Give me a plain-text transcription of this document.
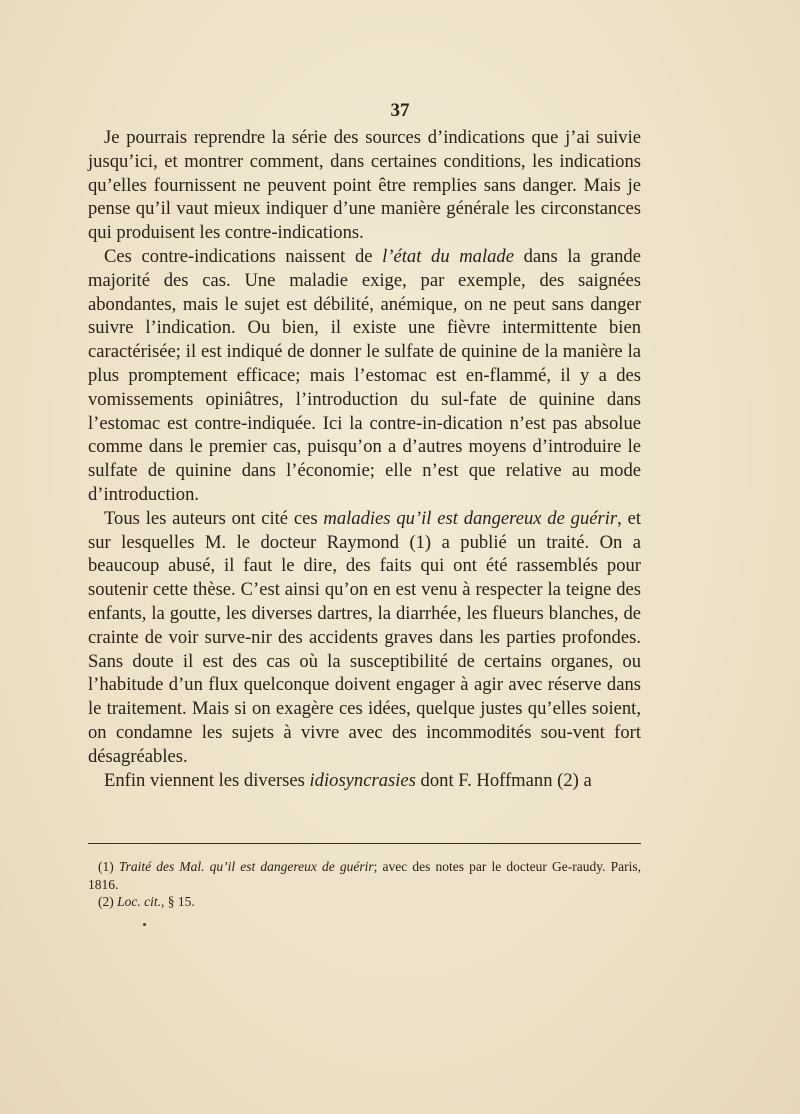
37

Je pourrais reprendre la série des sources d’indications que j’ai suivie jusqu’ici, et montrer comment, dans certaines conditions, les indications qu’elles fournissent ne peuvent point être remplies sans danger. Mais je pense qu’il vaut mieux indiquer d’une manière générale les circonstances qui produisent les contre-indications.

Ces contre-indications naissent de l’état du malade dans la grande majorité des cas. Une maladie exige, par exemple, des saignées abondantes, mais le sujet est débilité, anémique, on ne peut sans danger suivre l’indication. Ou bien, il existe une fièvre intermittente bien caractérisée; il est indiqué de donner le sulfate de quinine de la manière la plus promptement efficace; mais l’estomac est en-flammé, il y a des vomissements opiniâtres, l’introduction du sul-fate de quinine dans l’estomac est contre-indiquée. Ici la contre-in-dication n’est pas absolue comme dans le premier cas, puisqu’on a d’autres moyens d’introduire le sulfate de quinine dans l’économie; elle n’est que relative au mode d’introduction.

Tous les auteurs ont cité ces maladies qu’il est dangereux de guérir, et sur lesquelles M. le docteur Raymond (1) a publié un traité. On a beaucoup abusé, il faut le dire, des faits qui ont été rassemblés pour soutenir cette thèse. C’est ainsi qu’on en est venu à respecter la teigne des enfants, la goutte, les diverses dartres, la diarrhée, les flueurs blanches, de crainte de voir surve-nir des accidents graves dans les parties profondes. Sans doute il est des cas où la susceptibilité de certains organes, ou l’habitude d’un flux quelconque doivent engager à agir avec réserve dans le traitement. Mais si on exagère ces idées, quelque justes qu’elles soient, on condamne les sujets à vivre avec des incommodités sou-vent fort désagréables.

Enfin viennent les diverses idiosyncrasies dont F. Hoffmann (2) a

(1) Traité des Mal. qu’il est dangereux de guérir; avec des notes par le docteur Ge-raudy. Paris, 1816.

(2) Loc. cit., § 15.
